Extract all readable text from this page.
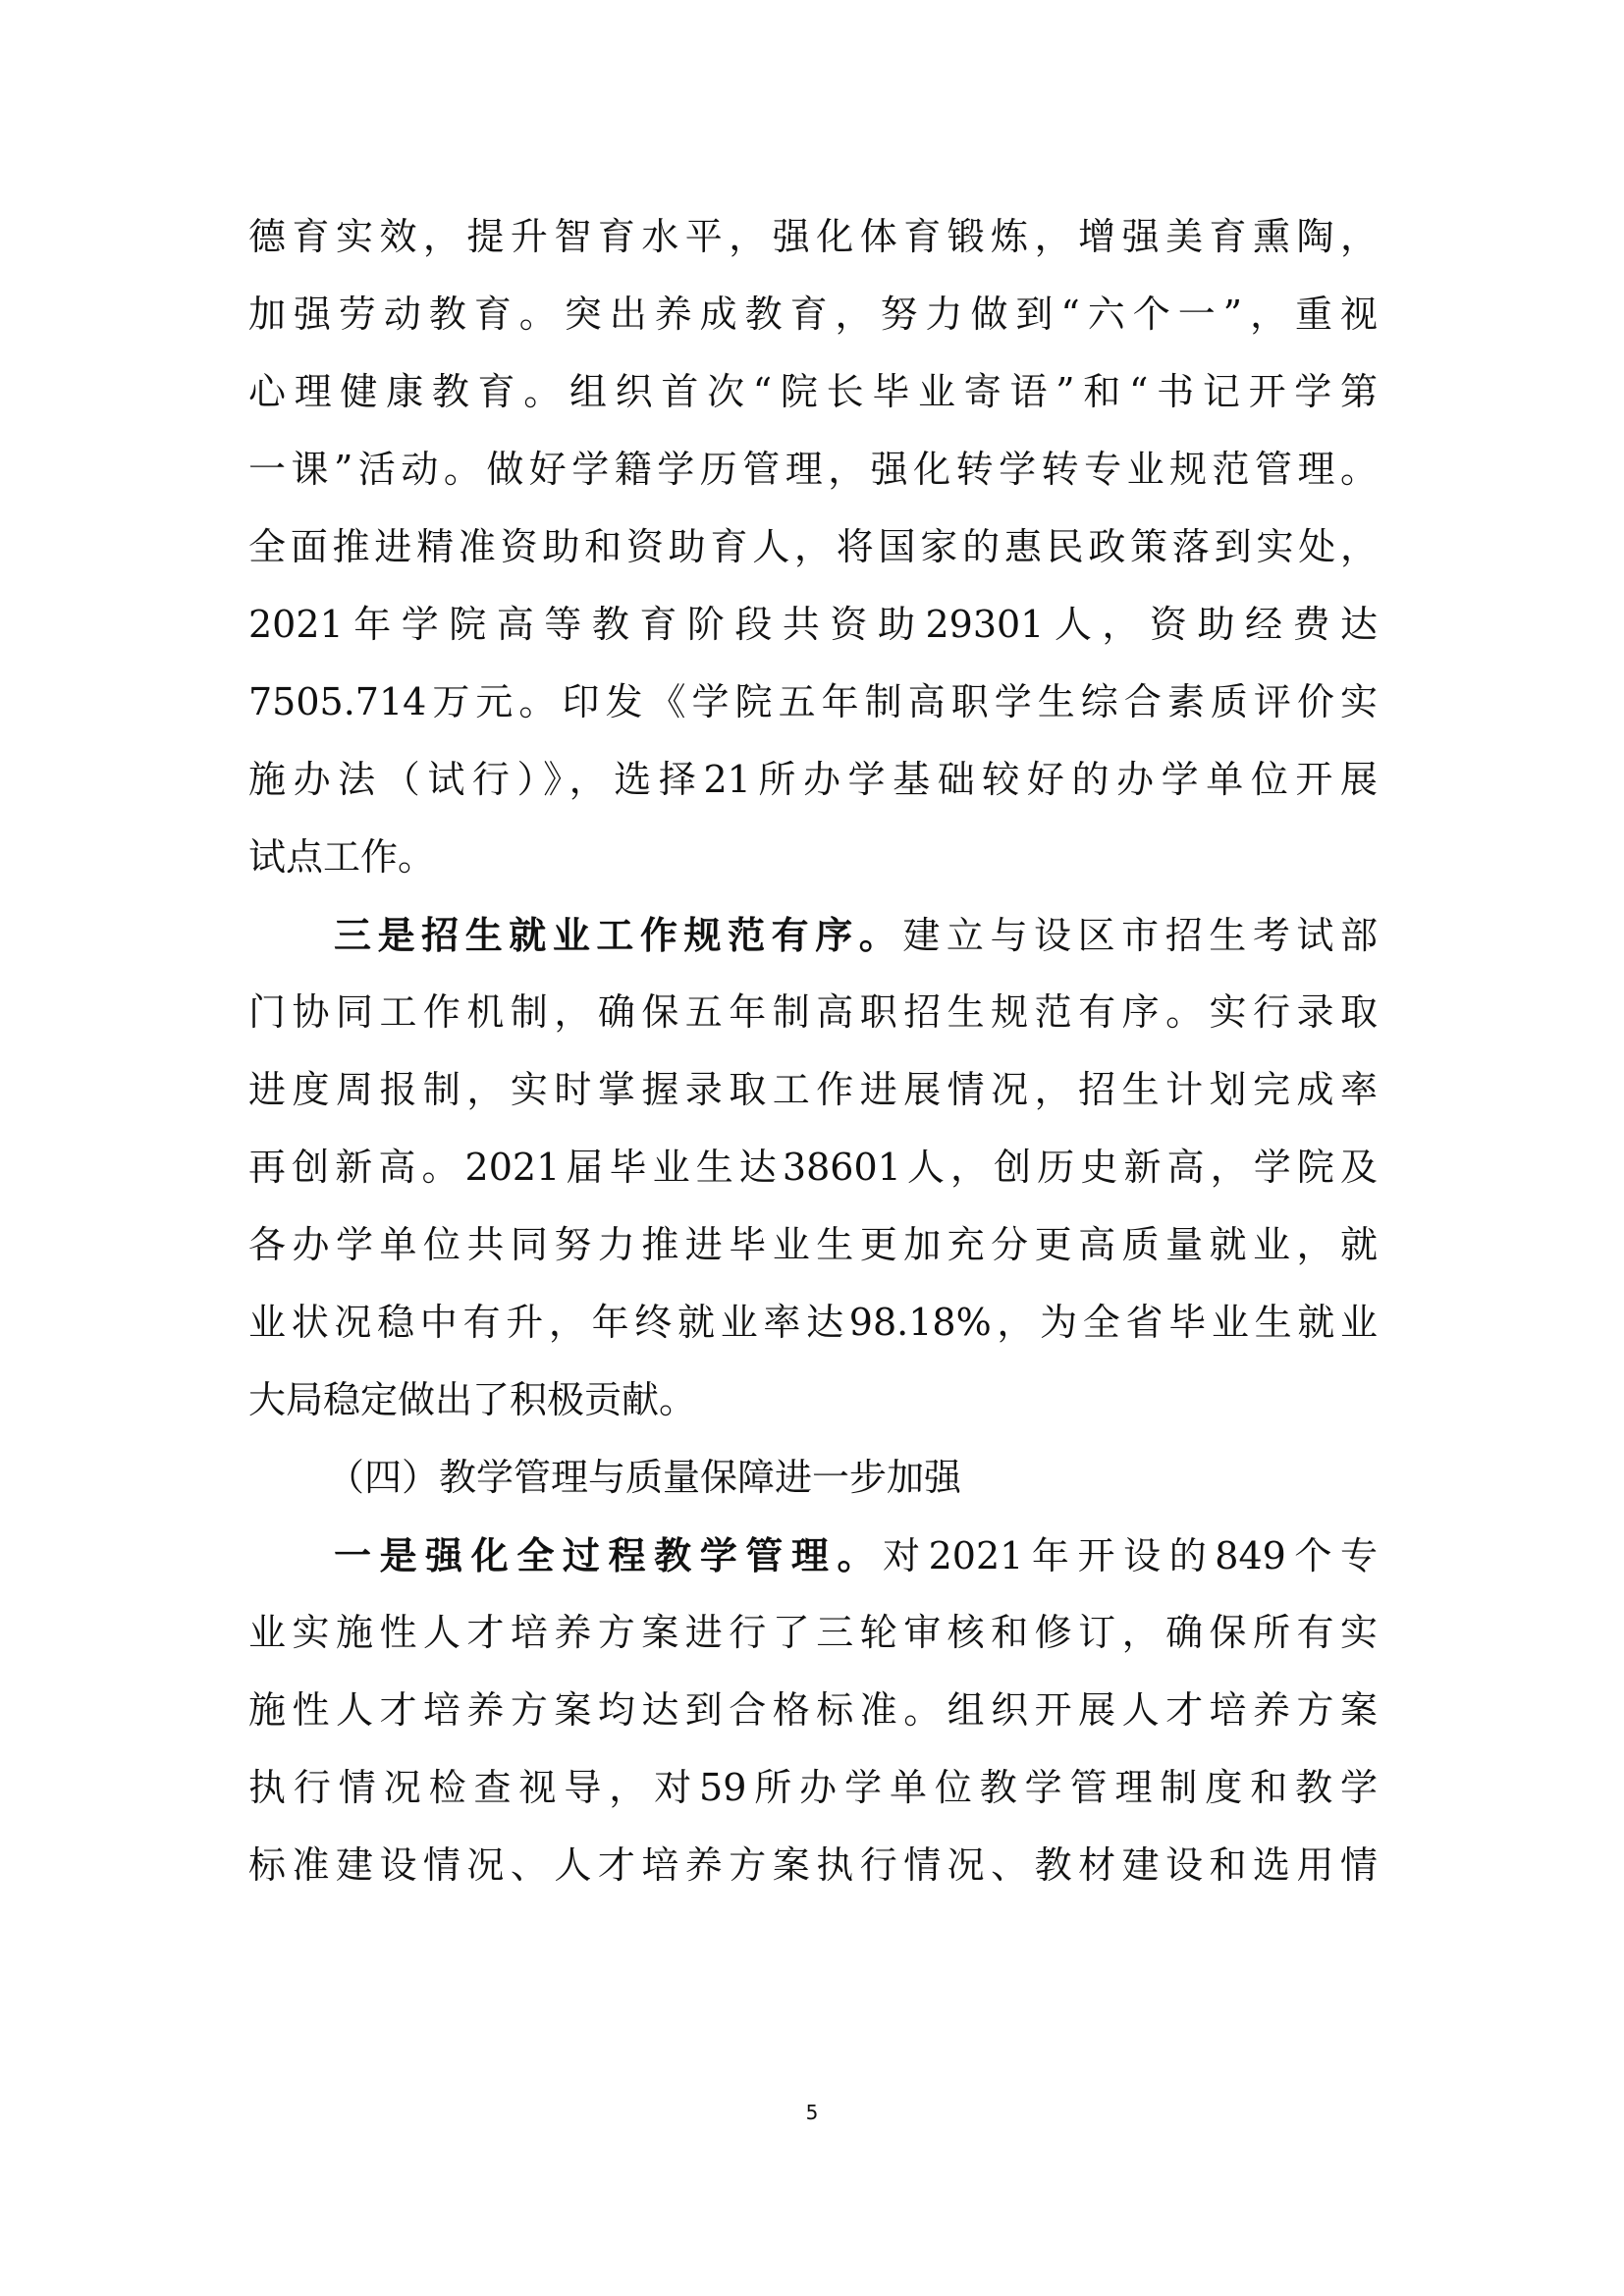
德育实效，提升智育水平，强化体育锻炼，增强美育熏陶，
加强劳动教育。突出养成教育，努力做到“六个一”，重视
心理健康教育。组织首次“院长毕业寄语”和“书记开学第
一课”活动。做好学籍学历管理，强化转学转专业规范管理。
全面推进精准资助和资助育人，将国家的惠民政策落到实处，
2021年学院高等教育阶段共资助29301人，资助经费达
7505.714万元。印发《学院五年制高职学生综合素质评价实
施办法（试行）》，选择21所办学基础较好的办学单位开展
试点工作。
三是招生就业工作规范有序。建立与设区市招生考试部
门协同工作机制，确保五年制高职招生规范有序。实行录取
进度周报制，实时掌握录取工作进展情况，招生计划完成率
再创新高。2021届毕业生达38601人，创历史新高，学院及
各办学单位共同努力推进毕业生更加充分更高质量就业，就
业状况稳中有升，年终就业率达98.18%，为全省毕业生就业
大局稳定做出了积极贡献。
（四）教学管理与质量保障进一步加强
一是强化全过程教学管理。对2021年开设的849个专
业实施性人才培养方案进行了三轮审核和修订，确保所有实
施性人才培养方案均达到合格标准。组织开展人才培养方案
执行情况检查视导，对59所办学单位教学管理制度和教学
标准建设情况、人才培养方案执行情况、教材建设和选用情
5
